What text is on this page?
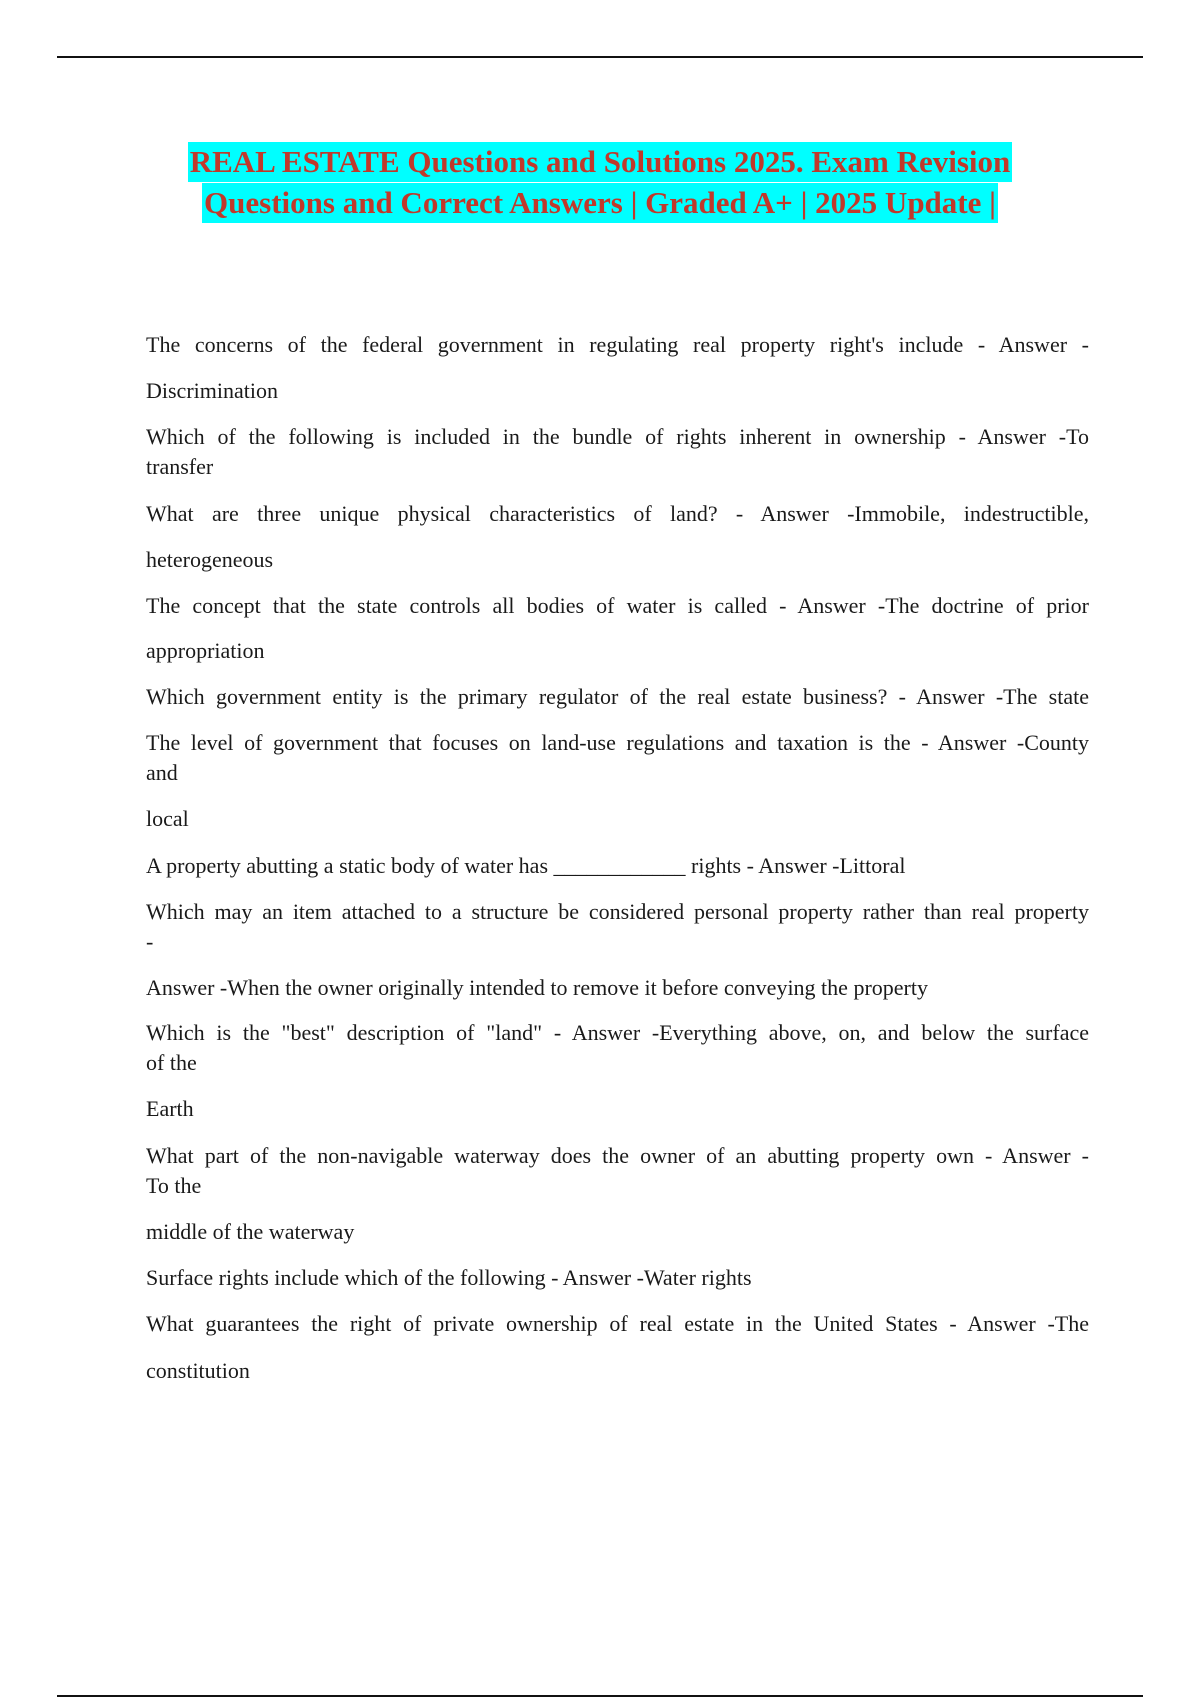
REAL ESTATE Questions and Solutions 2025. Exam Revision
Questions and Correct Answers | Graded A+ | 2025 Update |
The concerns of the federal government in regulating real property right's include - Answer -
Discrimination
Which of the following is included in the bundle of rights inherent in ownership - Answer -To
transfer
What are three unique physical characteristics of land? - Answer -Immobile, indestructible,
heterogeneous
The concept that the state controls all bodies of water is called - Answer -The doctrine of prior
appropriation
Which government entity is the primary regulator of the real estate business? - Answer -The state
The level of government that focuses on land-use regulations and taxation is the - Answer -County
and
local
A property abutting a static body of water has ____________ rights - Answer -Littoral
Which may an item attached to a structure be considered personal property rather than real property
-
Answer -When the owner originally intended to remove it before conveying the property
Which is the "best" description of "land" - Answer -Everything above, on, and below the surface
of the
Earth
What part of the non-navigable waterway does the owner of an abutting property own - Answer -
To the
middle of the waterway
Surface rights include which of the following - Answer -Water rights
What guarantees the right of private ownership of real estate in the United States - Answer -The
constitution
